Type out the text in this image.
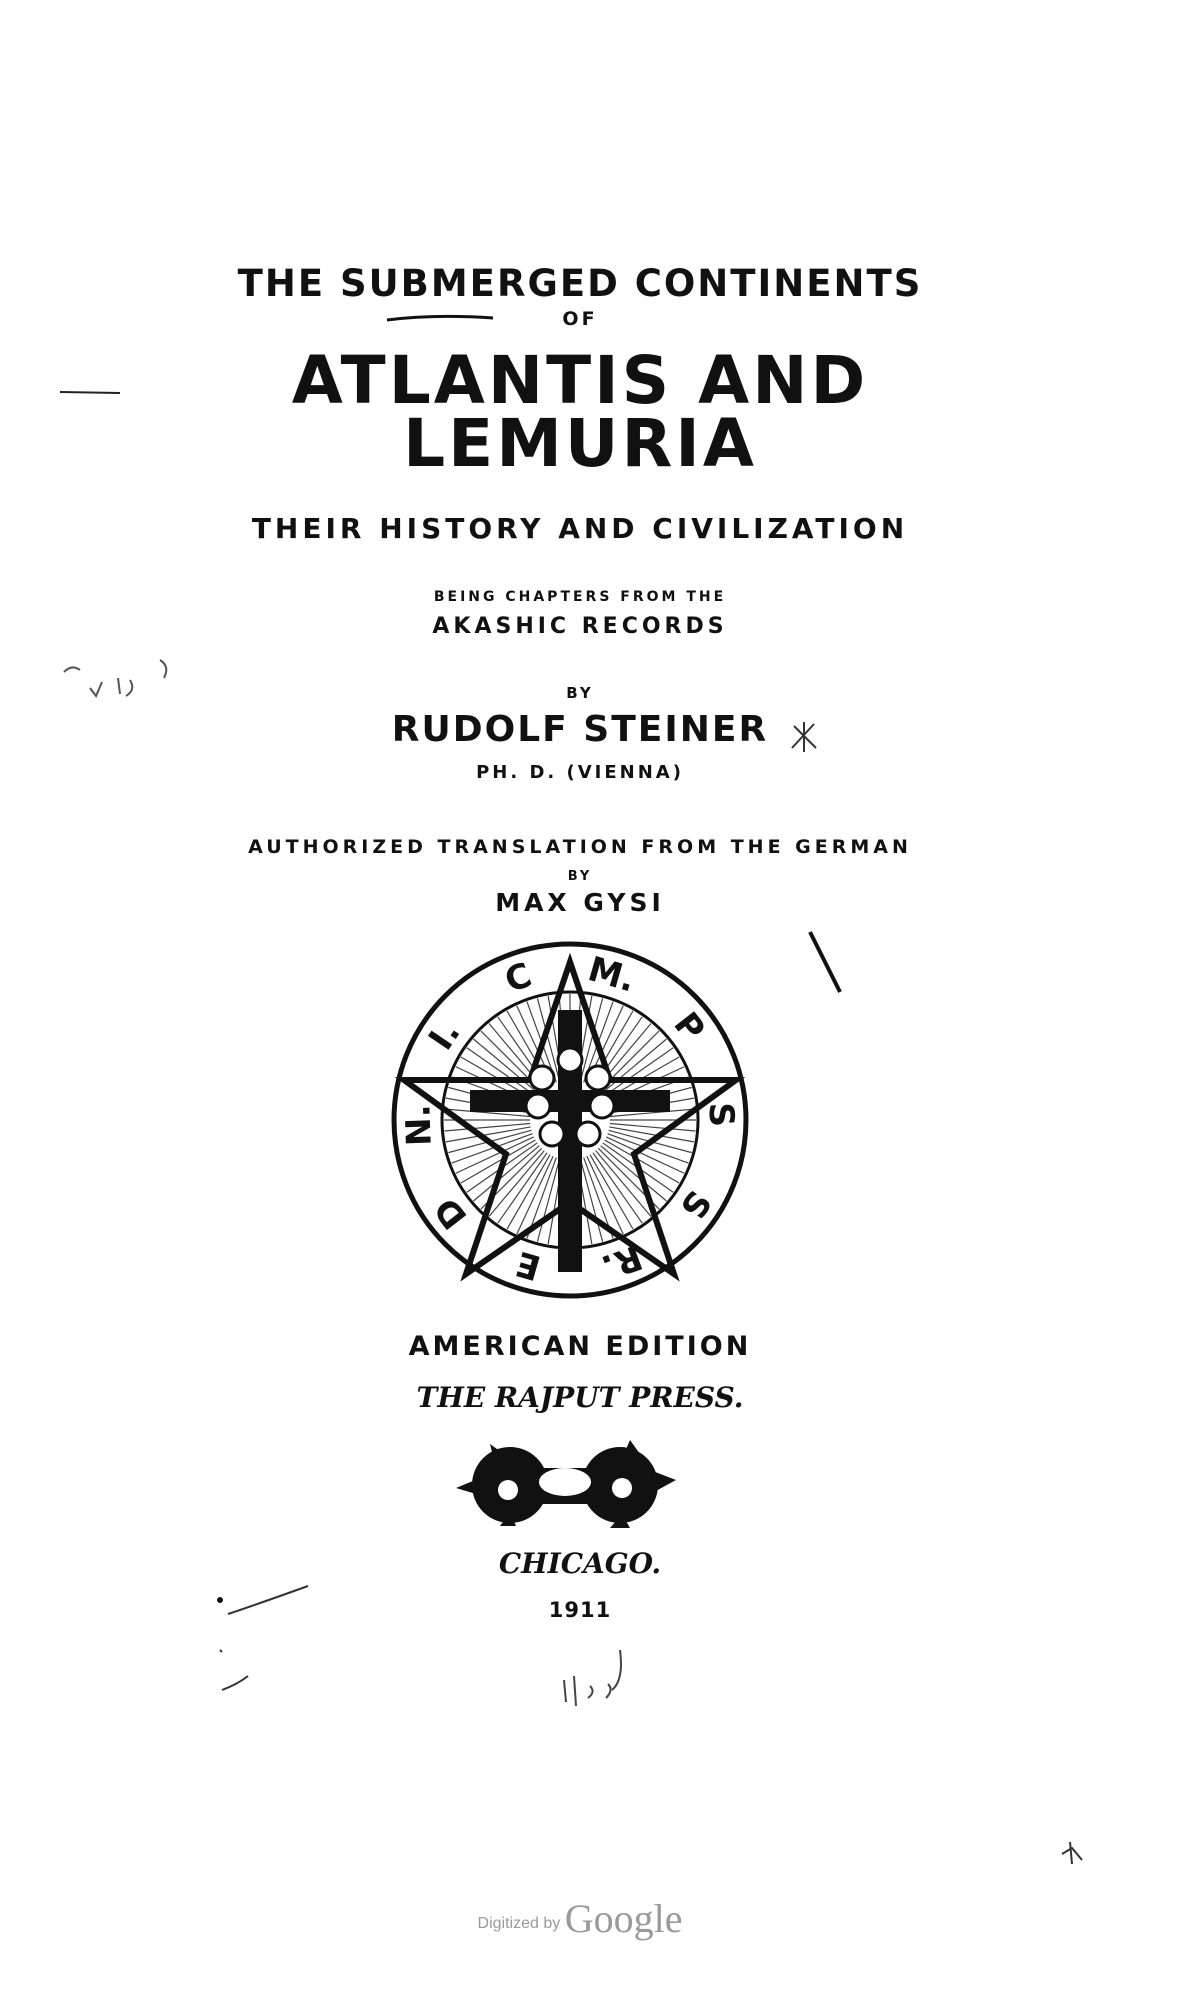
THE SUBMERGED CONTINENTS
OF
ATLANTIS AND
LEMURIA
THEIR HISTORY AND CIVILIZATION
BEING CHAPTERS FROM THE
AKASHIC RECORDS
BY
RUDOLF STEINER
PH. D. (VIENNA)
AUTHORIZED TRANSLATION FROM THE GERMAN
BY
MAX GYSI
C M.
P
S
S
R.
E
D
N.
I.
AMERICAN EDITION
THE RAJPUT PRESS.
CHICAGO.
1911
Digitized by Google
